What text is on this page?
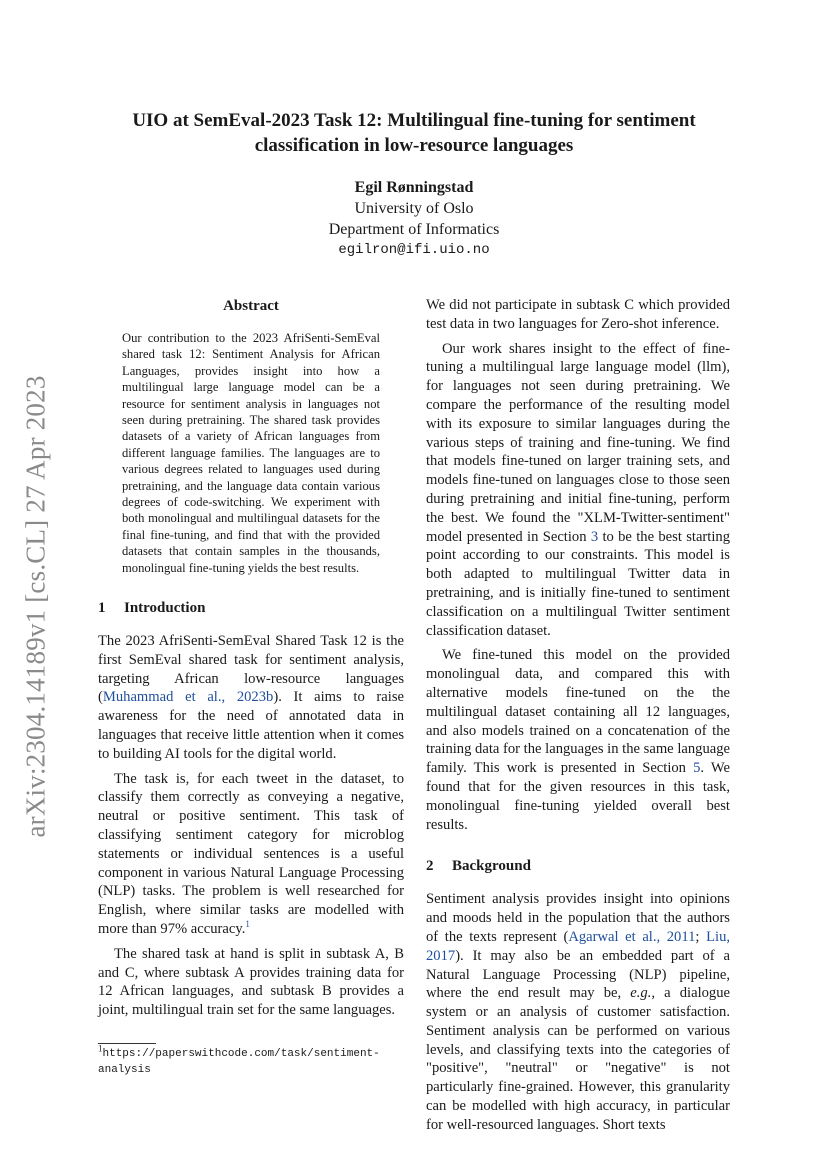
arXiv:2304.14189v1 [cs.CL] 27 Apr 2023
UIO at SemEval-2023 Task 12: Multilingual fine-tuning for sentiment
classification in low-resource languages
Egil Rønningstad
University of Oslo
Department of Informatics
egilron@ifi.uio.no
Abstract

Our contribution to the 2023 AfriSenti-SemEval shared task 12: Sentiment Analysis for African Languages, provides insight into how a multilingual large language model can be a resource for sentiment analysis in languages not seen during pretraining. The shared task provides datasets of a variety of African languages from different language families. The languages are to various degrees related to languages used during pretraining, and the language data contain various degrees of code-switching. We experiment with both monolingual and multilingual datasets for the final fine-tuning, and find that with the provided datasets that contain samples in the thousands, monolingual fine-tuning yields the best results.

1 Introduction

The 2023 AfriSenti-SemEval Shared Task 12 is the first SemEval shared task for sentiment analysis, targeting African low-resource languages (Muhammad et al., 2023b). It aims to raise awareness for the need of annotated data in languages that receive little attention when it comes to building AI tools for the digital world.

The task is, for each tweet in the dataset, to classify them correctly as conveying a negative, neutral or positive sentiment. This task of classifying sentiment category for microblog statements or individual sentences is a useful component in various Natural Language Processing (NLP) tasks. The problem is well researched for English, where similar tasks are modelled with more than 97% accuracy.$^1$

The shared task at hand is split in subtask A, B and C, where subtask A provides training data for 12 African languages, and subtask B provides a joint, multilingual train set for the same languages.

We did not participate in subtask C which provided test data in two languages for Zero-shot inference.

Our work shares insight to the effect of fine-tuning a multilingual large language model (llm), for languages not seen during pretraining. We compare the performance of the resulting model with its exposure to similar languages during the various steps of training and fine-tuning. We find that models fine-tuned on larger training sets, and models fine-tuned on languages close to those seen during pretraining and initial fine-tuning, perform the best. We found the "XLM-Twitter-sentiment" model presented in Section 3 to be the best starting point according to our constraints. This model is both adapted to multilingual Twitter data in pretraining, and is initially fine-tuned to sentiment classification on a multilingual Twitter sentiment classification dataset.

We fine-tuned this model on the provided monolingual data, and compared this with alternative models fine-tuned on the the multilingual dataset containing all 12 languages, and also models trained on a concatenation of the training data for the languages in the same language family. This work is presented in Section 5. We found that for the given resources in this task, monolingual fine-tuning yielded overall best results.

2 Background

Sentiment analysis provides insight into opinions and moods held in the population that the authors of the texts represent (Agarwal et al., 2011; Liu, 2017). It may also be an embedded part of a Natural Language Processing (NLP) pipeline, where the end result may be, e.g., a dialogue system or an analysis of customer satisfaction. Sentiment analysis can be performed on various levels, and classifying texts into the categories of "positive", "neutral" or "negative" is not particularly fine-grained. However, this granularity can be modelled with high accuracy, in particular for well-resourced languages. Short texts

$^1$https://paperswithcode.com/task/sentiment-analysis
